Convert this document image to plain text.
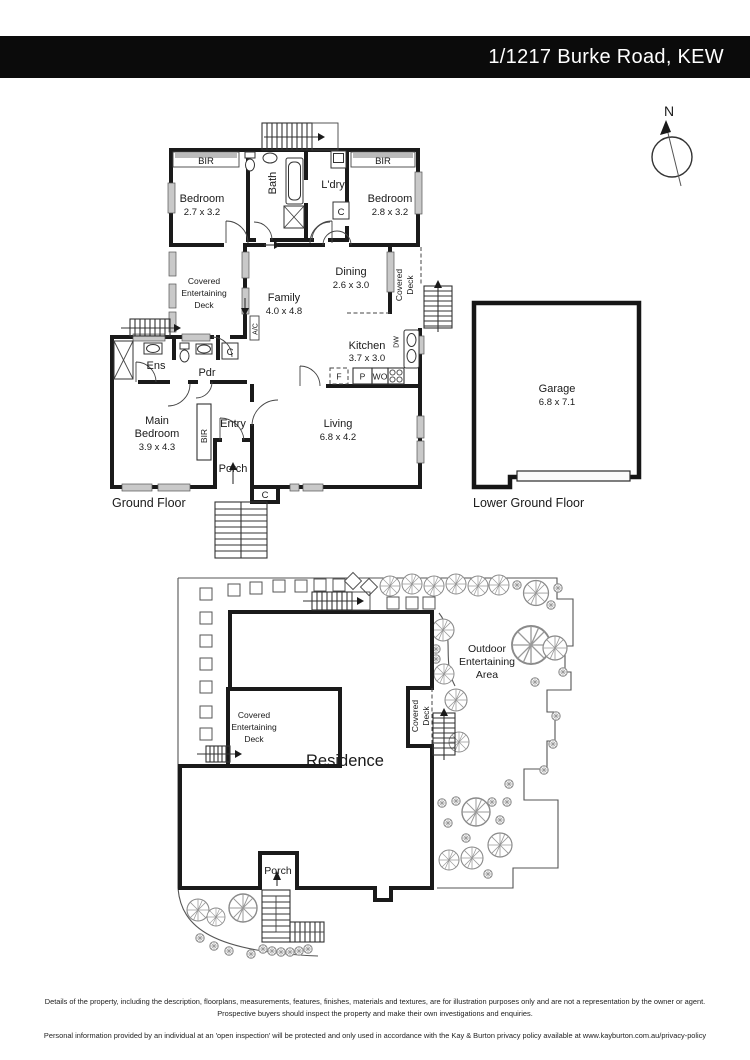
1/1217 Burke Road, KEW
N
BIR	BIR
Bedroom
2.7 x 3.2
Bedroom
2.8 x 3.2
Bath	L'dry
C
Covered
Entertaining
Deck
Family
4.0 x 4.8
Dining
2.6 x 3.0	Covered Deck
A/C
Kitchen
3.7 x 3.0
DW
F P WO
Ens
Pdr
C
Main
Bedroom
3.9 x 4.3
BIR
Entry	Living
6.8 x 4.2
Porch
C
Ground Floor
Garage
6.8 x 7.1
Lower Ground Floor
Residence
Outdoor
Entertaining
Area
Covered
Entertaining
Deck
Covered Deck
Porch
Details of the property, including the description, floorplans, measurements, features, finishes, materials and textures, are for illustration purposes only and are not a representation by the owner or agent. Prospective buyers should inspect the property and make their own investigations and enquiries.
Personal information provided by an individual at an 'open inspection' will be protected and only used in accordance with the Kay & Burton privacy policy available at www.kayburton.com.au/privacy-policy
